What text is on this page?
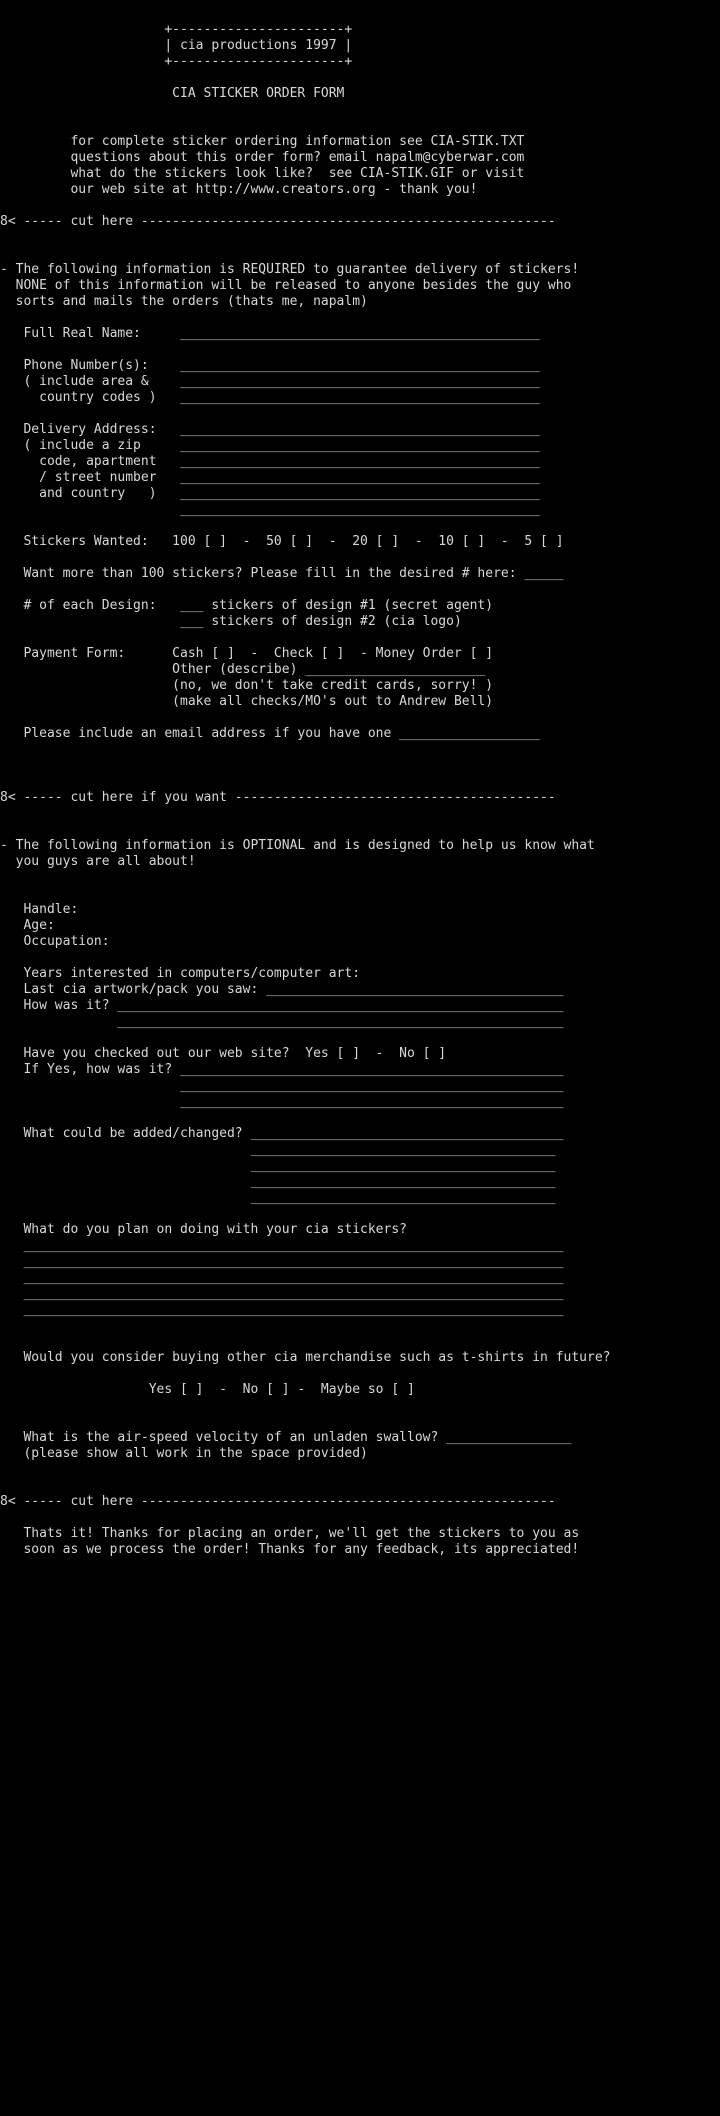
+----------------------+
| cia productions 1997 |
+----------------------+

CIA STICKER ORDER FORM

for complete sticker ordering information see CIA-STIK.TXT
questions about this order form? email napalm@cyberwar.com
what do the stickers look like?  see CIA-STIK.GIF or visit
our web site at http://www.creators.org - thank you!

8< ----- cut here -----------------------------------------------------

- The following information is REQUIRED to guarantee delivery of stickers!
NONE of this information will be released to anyone besides the guy who
sorts and mails the orders (thats me, napalm)

Full Real Name:     ______________________________________________

Phone Number(s):    ______________________________________________
( include area &    ______________________________________________
country codes )   ______________________________________________

Delivery Address:   ______________________________________________
( include a zip     ______________________________________________
code, apartment   ______________________________________________
/ street number   ______________________________________________
and country   )   ______________________________________________
______________________________________________

Stickers Wanted:   100 [ ]  -  50 [ ]  -  20 [ ]  -  10 [ ]  -  5 [ ]

Want more than 100 stickers? Please fill in the desired # here: _____

# of each Design:   ___ stickers of design #1 (secret agent)
___ stickers of design #2 (cia logo)

Payment Form:      Cash [ ]  -  Check [ ]  - Money Order [ ]
Other (describe) _______________________
(no, we don't take credit cards, sorry! )
(make all checks/MO's out to Andrew Bell)

Please include an email address if you have one __________________

8< ----- cut here if you want -----------------------------------------

- The following information is OPTIONAL and is designed to help us know what
you guys are all about!

Handle:
Age:
Occupation:

Years interested in computers/computer art:
Last cia artwork/pack you saw: ______________________________________
How was it? _________________________________________________________
_________________________________________________________

Have you checked out our web site?  Yes [ ]  -  No [ ]
If Yes, how was it? _________________________________________________
_________________________________________________
_________________________________________________

What could be added/changed? ________________________________________
_______________________________________
_______________________________________
_______________________________________
_______________________________________

What do you plan on doing with your cia stickers?
_____________________________________________________________________
_____________________________________________________________________
_____________________________________________________________________
_____________________________________________________________________
_____________________________________________________________________

Would you consider buying other cia merchandise such as t-shirts in future?

Yes [ ]  -  No [ ] -  Maybe so [ ]

What is the air-speed velocity of an unladen swallow? ________________
(please show all work in the space provided)

8< ----- cut here -----------------------------------------------------

Thats it! Thanks for placing an order, we'll get the stickers to you as
soon as we process the order! Thanks for any feedback, its appreciated!
